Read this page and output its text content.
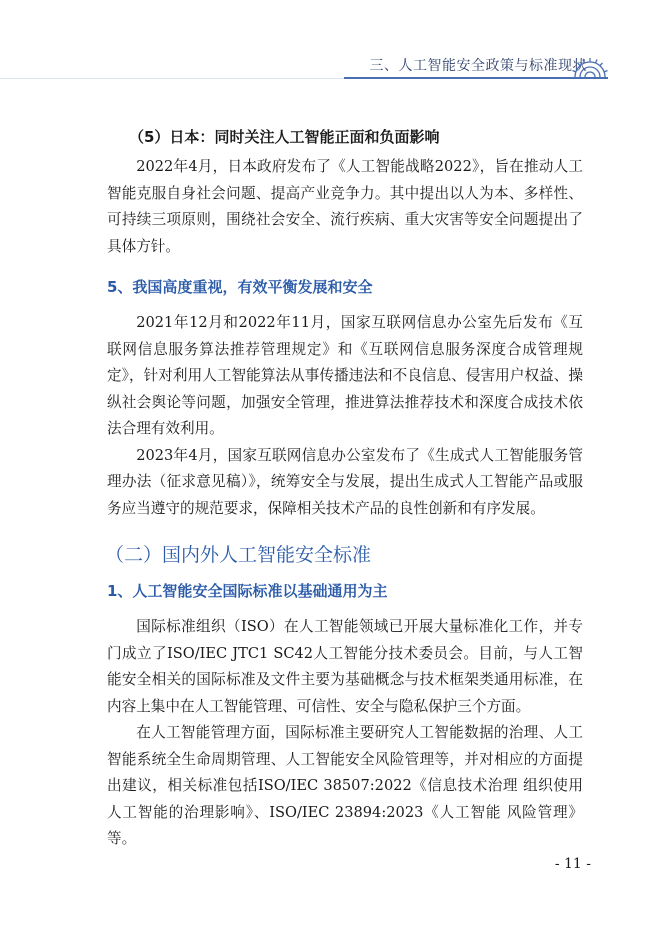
三、人工智能安全政策与标准现状
（5）日本：同时关注人工智能正面和负面影响

2022年4月，日本政府发布了《人工智能战略2022》，旨在推动人工智能克服自身社会问题、提高产业竞争力。其中提出以人为本、多样性、可持续三项原则，围绕社会安全、流行疾病、重大灾害等安全问题提出了具体方针。

5、我国高度重视，有效平衡发展和安全

2021年12月和2022年11月，国家互联网信息办公室先后发布《互联网信息服务算法推荐管理规定》和《互联网信息服务深度合成管理规定》，针对利用人工智能算法从事传播违法和不良信息、侵害用户权益、操纵社会舆论等问题，加强安全管理，推进算法推荐技术和深度合成技术依法合理有效利用。

2023年4月，国家互联网信息办公室发布了《生成式人工智能服务管理办法（征求意见稿）》，统筹安全与发展，提出生成式人工智能产品或服务应当遵守的规范要求，保障相关技术产品的良性创新和有序发展。

（二）国内外人工智能安全标准
1、人工智能安全国际标准以基础通用为主

国际标准组织（ISO）在人工智能领域已开展大量标准化工作，并专门成立了ISO/IEC JTC1 SC42人工智能分技术委员会。目前，与人工智能安全相关的国际标准及文件主要为基础概念与技术框架类通用标准，在内容上集中在人工智能管理、可信性、安全与隐私保护三个方面。

在人工智能管理方面，国际标准主要研究人工智能数据的治理、人工智能系统全生命周期管理、人工智能安全风险管理等，并对相应的方面提出建议，相关标准包括ISO/IEC 38507:2022《信息技术治理 组织使用人工智能的治理影响》、ISO/IEC 23894:2023《人工智能 风险管理》等。

- 11 -
